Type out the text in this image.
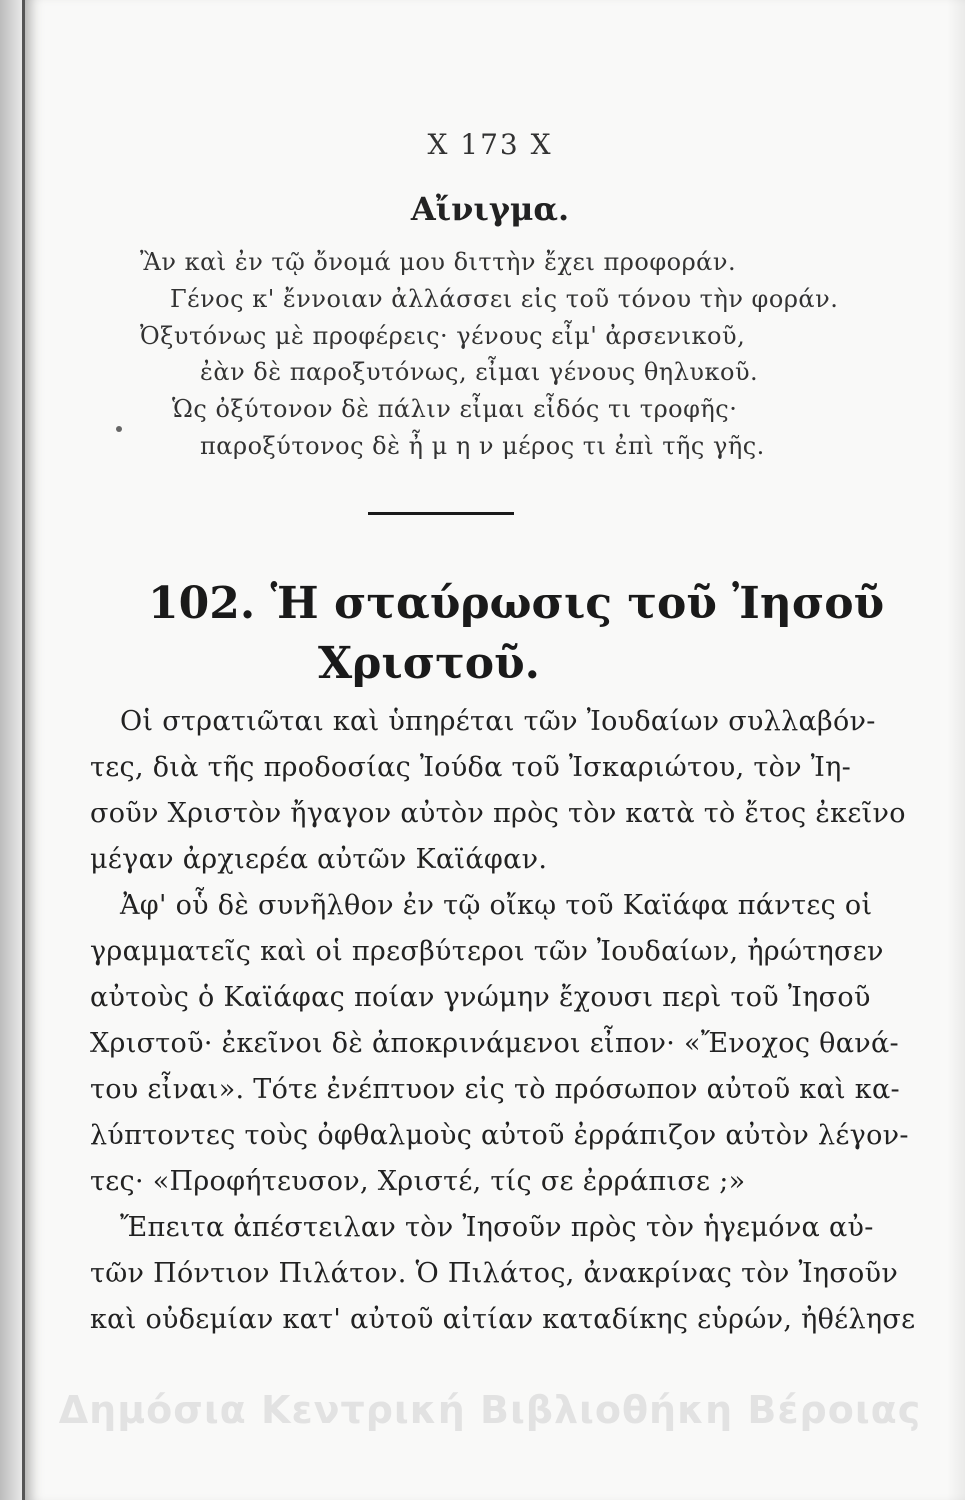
Χ 173 Χ
Αἴνιγμα.
Ἂν καὶ ἐν τῷ ὄνομά μου διττὴν ἔχει προφοράν.
Γένος κ' ἔννοιαν ἀλλάσσει εἰς τοῦ τόνου τὴν φοράν.
Ὀξυτόνως μὲ προφέρεις· γένους εἶμ' ἀρσενικοῦ,
ἐὰν δὲ παροξυτόνως, εἶμαι γένους θηλυκοῦ.
Ὡς ὀξύτονον δὲ πάλιν εἶμαι εἶδός τι τροφῆς·
παροξύτονος δὲ ἦ μ η ν μέρος τι ἐπὶ τῆς γῆς.
102. Ἡ σταύρωσις τοῦ Ἰησοῦ
Χριστοῦ.
Οἱ στρατιῶται καὶ ὑπηρέται τῶν Ἰουδαίων συλλαβόν-
τες, διὰ τῆς προδοσίας Ἰούδα τοῦ Ἰσκαριώτου, τὸν Ἰη-
σοῦν Χριστὸν ἤγαγον αὐτὸν πρὸς τὸν κατὰ τὸ ἔτος ἐκεῖνο
μέγαν ἀρχιερέα αὐτῶν Καϊάφαν.
Ἀφ' οὗ δὲ συνῆλθον ἐν τῷ οἴκῳ τοῦ Καϊάφα πάντες οἱ
γραμματεῖς καὶ οἱ πρεσβύτεροι τῶν Ἰουδαίων, ἠρώτησεν
αὐτοὺς ὁ Καϊάφας ποίαν γνώμην ἔχουσι περὶ τοῦ Ἰησοῦ
Χριστοῦ· ἐκεῖνοι δὲ ἀποκρινάμενοι εἶπον· «Ἔνοχος θανά-
του εἶναι». Τότε ἐνέπτυον εἰς τὸ πρόσωπον αὐτοῦ καὶ κα-
λύπτοντες τοὺς ὀφθαλμοὺς αὐτοῦ ἐρράπιζον αὐτὸν λέγον-
τες· «Προφήτευσον, Χριστέ, τίς σε ἐρράπισε ;»
Ἔπειτα ἀπέστειλαν τὸν Ἰησοῦν πρὸς τὸν ἡγεμόνα αὐ-
τῶν Πόντιον Πιλάτον. Ὁ Πιλάτος, ἀνακρίνας τὸν Ἰησοῦν
καὶ οὐδεμίαν κατ' αὐτοῦ αἰτίαν καταδίκης εὑρών, ἠθέλησε
Δημόσια Κεντρική Βιβλιοθήκη Βέροιας
